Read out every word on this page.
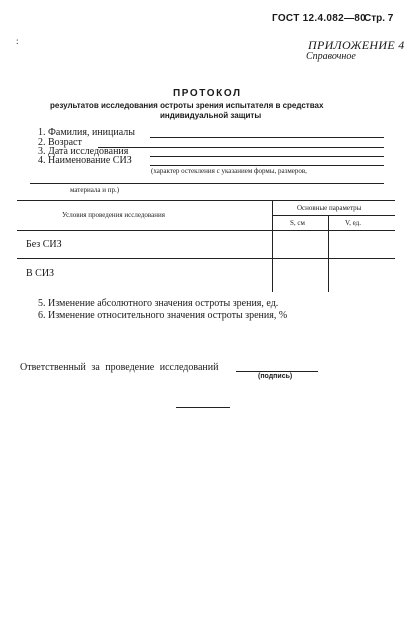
ГОСТ 12.4.082—80
Стр. 7
:	ПРИЛОЖЕНИЕ 4
Справочное
ПРОТОКОЛ
результатов исследования остроты зрения испытателя в средствах
индивидуальной защиты
1. Фамилия, инициалы
2. Возраст
3. Дата исследования
4. Наименование СИЗ
(характер остекления с указанием формы, размеров,
материала и пр.)
Условия проведения исследования
Основные параметры
S, см	V, ед.
Без СИЗ
В СИЗ
5. Изменение абсолютного значения остроты зрения, ед.
6. Изменение относительного значения остроты зрения, %
Ответственный за проведение исследований
(подпись)
